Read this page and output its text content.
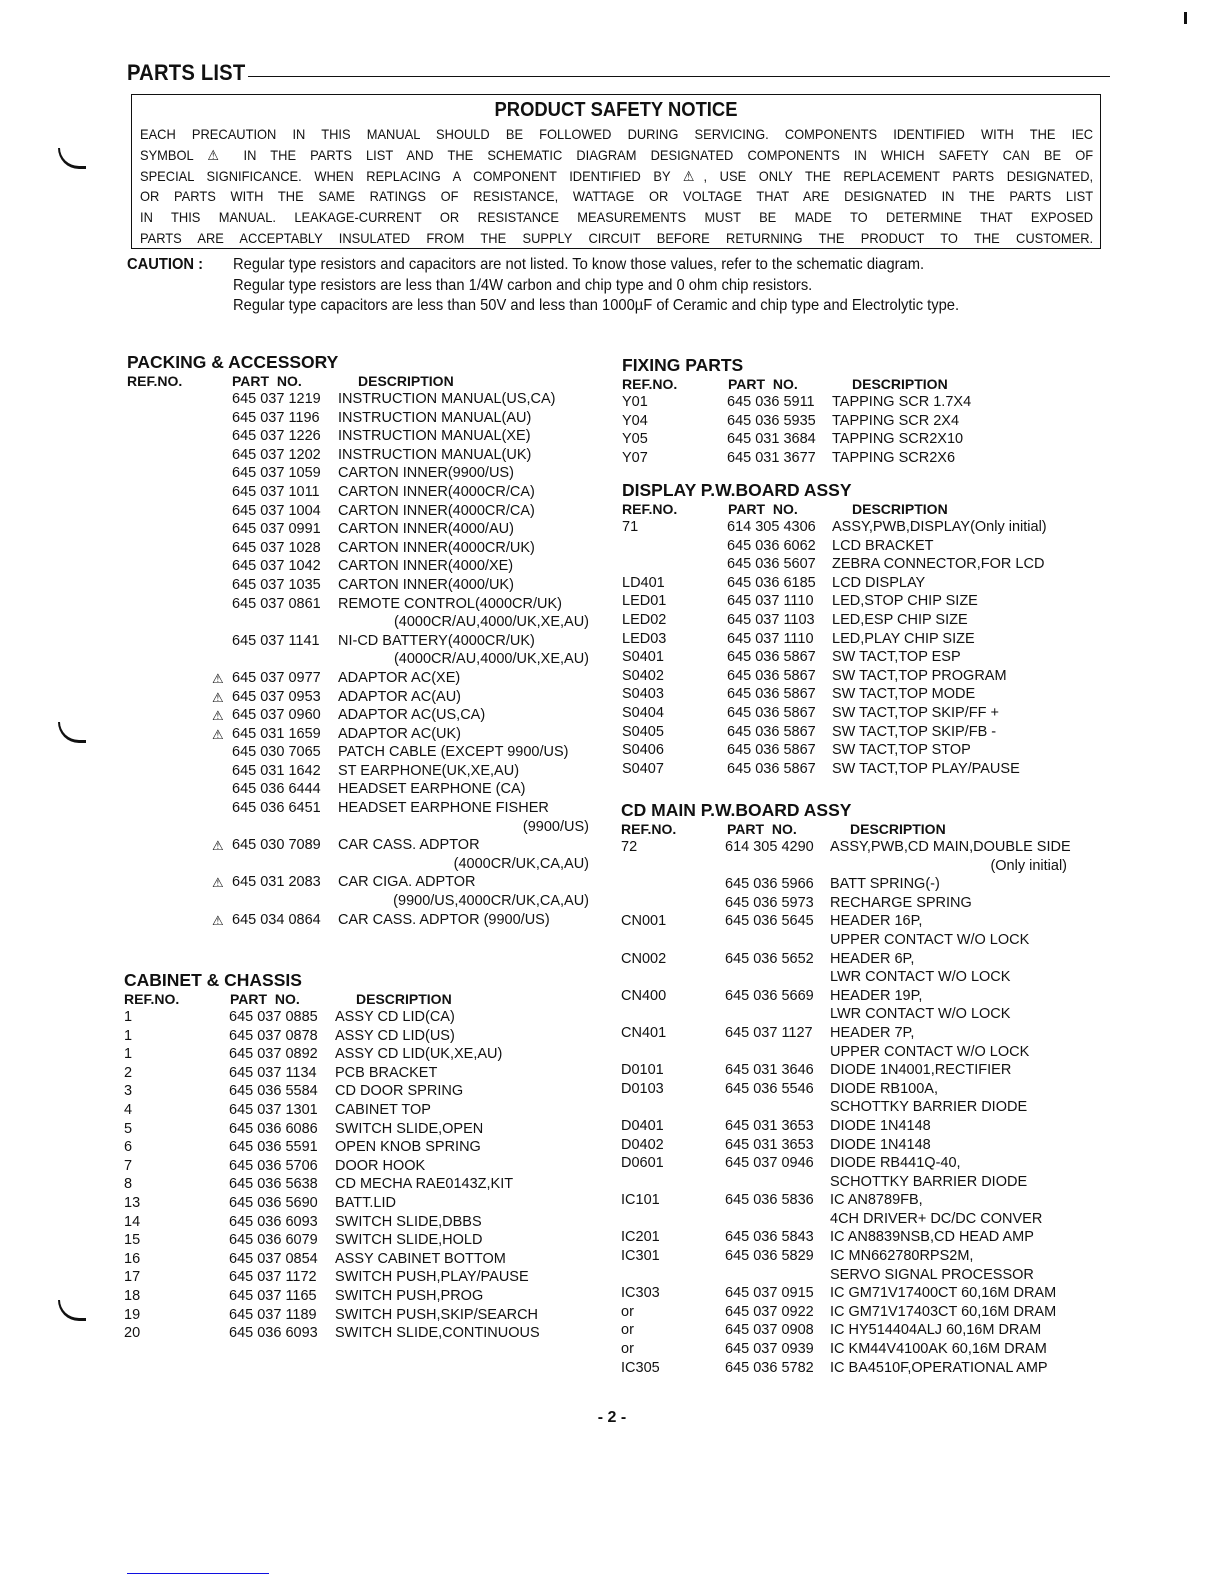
PARTS LIST
PRODUCT SAFETY NOTICE
EACH PRECAUTION IN THIS MANUAL SHOULD BE FOLLOWED DURING SERVICING. COMPONENTS IDENTIFIED WITH THE IEC
SYMBOL ⚠ IN THE PARTS LIST AND THE SCHEMATIC DIAGRAM DESIGNATED COMPONENTS IN WHICH SAFETY CAN BE OF
SPECIAL SIGNIFICANCE. WHEN REPLACING A COMPONENT IDENTIFIED BY ⚠, USE ONLY THE REPLACEMENT PARTS DESIGNATED,
OR PARTS WITH THE SAME RATINGS OF RESISTANCE, WATTAGE OR VOLTAGE THAT ARE DESIGNATED IN THE PARTS LIST
IN THIS MANUAL. LEAKAGE-CURRENT OR RESISTANCE MEASUREMENTS MUST BE MADE TO DETERMINE THAT EXPOSED
PARTS ARE ACCEPTABLY INSULATED FROM THE SUPPLY CIRCUIT BEFORE RETURNING THE PRODUCT TO THE CUSTOMER.
CAUTION : Regular type resistors and capacitors are not listed. To know those values, refer to the schematic diagram.
Regular type resistors are less than 1/4W carbon and chip type and 0 ohm chip resistors.
Regular type capacitors are less than 50V and less than 1000µF of Ceramic and chip type and Electrolytic type.
PACKING & ACCESSORY
REF.NO.	PART  NO.	DESCRIPTION
645 037 1219 INSTRUCTION MANUAL(US,CA)
645 037 1196 INSTRUCTION MANUAL(AU)
645 037 1226 INSTRUCTION MANUAL(XE)
645 037 1202 INSTRUCTION MANUAL(UK)
645 037 1059 CARTON INNER(9900/US)
645 037 1011 CARTON INNER(4000CR/CA)
645 037 1004 CARTON INNER(4000CR/CA)
645 037 0991 CARTON INNER(4000/AU)
645 037 1028 CARTON INNER(4000CR/UK)
645 037 1042 CARTON INNER(4000/XE)
645 037 1035 CARTON INNER(4000/UK)
645 037 0861 REMOTE CONTROL(4000CR/UK)
(4000CR/AU,4000/UK,XE,AU)
645 037 1141 NI-CD BATTERY(4000CR/UK)
(4000CR/AU,4000/UK,XE,AU)
⚠ 645 037 0977 ADAPTOR AC(XE)
⚠ 645 037 0953 ADAPTOR AC(AU)
⚠ 645 037 0960 ADAPTOR AC(US,CA)
⚠ 645 031 1659 ADAPTOR AC(UK)
645 030 7065 PATCH CABLE (EXCEPT 9900/US)
645 031 1642 ST EARPHONE(UK,XE,AU)
645 036 6444 HEADSET EARPHONE (CA)
645 036 6451 HEADSET EARPHONE FISHER
(9900/US)
⚠ 645 030 7089 CAR CASS. ADPTOR
(4000CR/UK,CA,AU)
⚠ 645 031 2083 CAR CIGA. ADPTOR
(9900/US,4000CR/UK,CA,AU)
⚠ 645 034 0864 CAR CASS. ADPTOR (9900/US)
CABINET & CHASSIS
REF.NO.	PART  NO.	DESCRIPTION
1	645 037 0885 ASSY CD LID(CA)
1	645 037 0878 ASSY CD LID(US)
1	645 037 0892 ASSY CD LID(UK,XE,AU)
2	645 037 1134 PCB BRACKET
3	645 036 5584 CD DOOR SPRING
4	645 037 1301 CABINET TOP
5	645 036 6086 SWITCH SLIDE,OPEN
6	645 036 5591 OPEN KNOB SPRING
7	645 036 5706 DOOR HOOK
8	645 036 5638 CD MECHA RAE0143Z,KIT
13	645 036 5690 BATT.LID
14	645 036 6093 SWITCH SLIDE,DBBS
15	645 036 6079 SWITCH SLIDE,HOLD
16	645 037 0854 ASSY CABINET BOTTOM
17	645 037 1172 SWITCH PUSH,PLAY/PAUSE
18	645 037 1165 SWITCH PUSH,PROG
19	645 037 1189 SWITCH PUSH,SKIP/SEARCH
20	645 036 6093 SWITCH SLIDE,CONTINUOUS
FIXING PARTS
REF.NO.	PART  NO.	DESCRIPTION
Y01	645 036 5911 TAPPING SCR 1.7X4
Y04	645 036 5935 TAPPING SCR 2X4
Y05	645 031 3684 TAPPING SCR2X10
Y07	645 031 3677 TAPPING SCR2X6
DISPLAY P.W.BOARD ASSY
REF.NO.	PART  NO.	DESCRIPTION
71	614 305 4306 ASSY,PWB,DISPLAY(Only initial)
645 036 6062 LCD BRACKET
645 036 5607 ZEBRA CONNECTOR,FOR LCD
LD401	645 036 6185 LCD DISPLAY
LED01	645 037 1110 LED,STOP CHIP SIZE
LED02	645 037 1103 LED,ESP CHIP SIZE
LED03	645 037 1110 LED,PLAY CHIP SIZE
S0401	645 036 5867 SW TACT,TOP ESP
S0402	645 036 5867 SW TACT,TOP PROGRAM
S0403	645 036 5867 SW TACT,TOP MODE
S0404	645 036 5867 SW TACT,TOP SKIP/FF +
S0405	645 036 5867 SW TACT,TOP SKIP/FB -
S0406	645 036 5867 SW TACT,TOP STOP
S0407	645 036 5867 SW TACT,TOP PLAY/PAUSE
CD MAIN P.W.BOARD ASSY
REF.NO.	PART  NO.	DESCRIPTION
72	614 305 4290 ASSY,PWB,CD MAIN,DOUBLE SIDE
(Only initial)
645 036 5966 BATT SPRING(-)
645 036 5973 RECHARGE SPRING
CN001	645 036 5645 HEADER 16P,
UPPER CONTACT W/O LOCK
CN002	645 036 5652 HEADER 6P,
LWR CONTACT W/O LOCK
CN400	645 036 5669 HEADER 19P,
LWR CONTACT W/O LOCK
CN401	645 037 1127 HEADER 7P,
UPPER CONTACT W/O LOCK
D0101	645 031 3646 DIODE 1N4001,RECTIFIER
D0103	645 036 5546 DIODE RB100A,
SCHOTTKY BARRIER DIODE
D0401	645 031 3653 DIODE 1N4148
D0402	645 031 3653 DIODE 1N4148
D0601	645 037 0946 DIODE RB441Q-40,
SCHOTTKY BARRIER DIODE
IC101	645 036 5836 IC AN8789FB,
4CH DRIVER+ DC/DC CONVER
IC201	645 036 5843 IC AN8839NSB,CD HEAD AMP
IC301	645 036 5829 IC MN662780RPS2M,
SERVO SIGNAL PROCESSOR
IC303	645 037 0915 IC GM71V17400CT 60,16M DRAM
or	645 037 0922 IC GM71V17403CT 60,16M DRAM
or	645 037 0908 IC HY514404ALJ 60,16M DRAM
or	645 037 0939 IC KM44V4100AK 60,16M DRAM
IC305	645 036 5782 IC BA4510F,OPERATIONAL AMP
- 2 -
